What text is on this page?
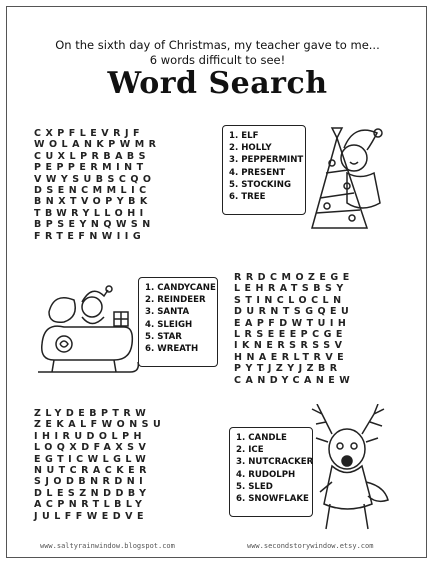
On the sixth day of Christmas, my teacher gave to me...
6 words difficult to see!
Word Search
CXPFLEVRJF
WOLANKPWMR
CUXLPRBABS
PEPPERMINT
VWYSUBSCQO
DSENCMMLIC
BNXTVOPYBK
TBWRYLLOHI
BPSEYNQWSN
FRTEFNWIIG
1. ELF
2. HOLLY
3. PEPPERMINT
4. PRESENT
5. STOCKING
6. TREE
RRDCMOZEGE
LEHRATSBSY
STINCLOCLN
DURNTSGQEU
EAPFDWTUIH
LRSEEEPCGE
IKNERSRSSV
HNAERLTRVE
PYTJZYJZBR
CANDYCANEW
1. CANDYCANE
2. REINDEER
3. SANTA
4. SLEIGH
5. STAR
6. WREATH
ZLYDEBPTRW
ZEKALFWONSU
IHIRUDOLPH
LOQXDFAXSV
EGTICWLGLW
NUTCRACKER
SJODBNRDNI
DLESZNDDBY
ACPNRTLBLY
JULFFWEDVE
1. CANDLE
2. ICE
3. NUTCRACKER
4. RUDOLPH
5. SLED
6. SNOWFLAKE
www.saltyrainwindow.blogspot.com	www.secondstorywindow.etsy.com
